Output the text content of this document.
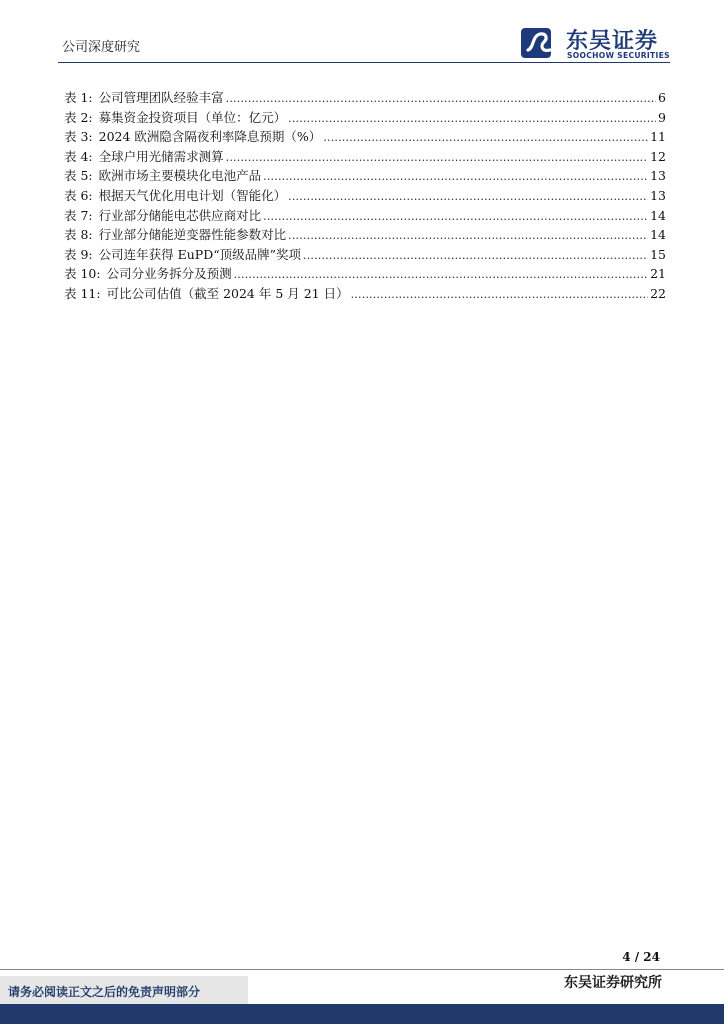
公司深度研究	东吴证券
SOOCHOW SECURITIES
表 1: 公司管理团队经验丰富 .....	6
表 2: 募集资金投资项目（单位：亿元） .....	9
表 3: 2024 欧洲隐含隔夜利率降息预期（%） .....	11
表 4: 全球户用光储需求测算 .....	12
表 5: 欧洲市场主要模块化电池产品 .....	13
表 6: 根据天气优化用电计划（智能化） .....	13
表 7: 行业部分储能电芯供应商对比 .....	14
表 8: 行业部分储能逆变器性能参数对比 .....	14
表 9: 公司连年获得 EuPD“顶级品牌”奖项 .....	15
表 10: 公司分业务拆分及预测 .....	21
表 11: 可比公司估值（截至 2024 年 5 月 21 日） .....	22
4 / 24
请务必阅读正文之后的免责声明部分
东吴证券研究所
